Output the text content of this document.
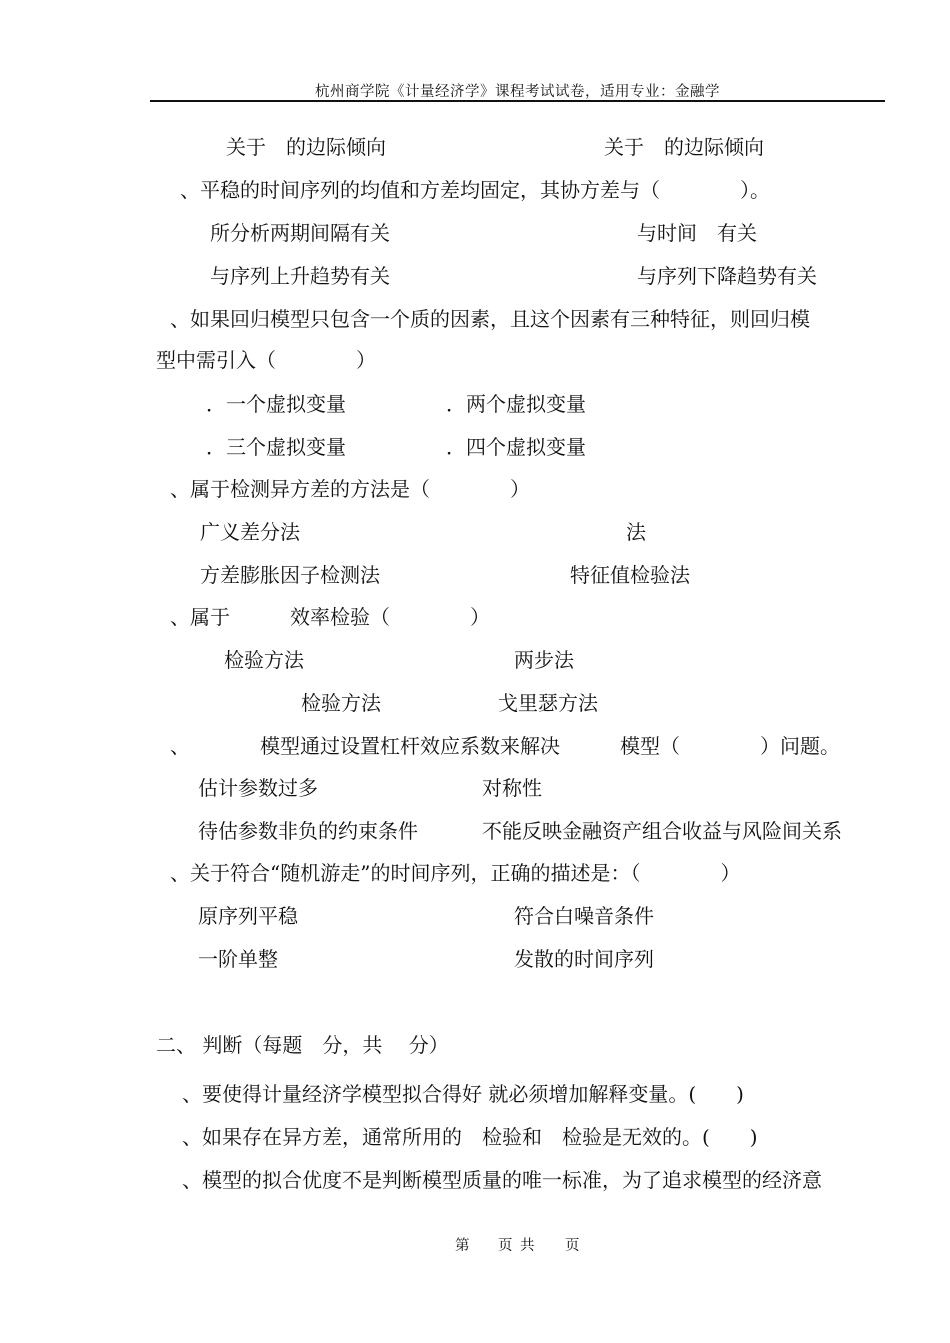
杭州商学院《计量经济学》课程考试试卷，适用专业：金融学
关于　的边际倾向	关于　的边际倾向
、平稳的时间序列的均值和方差均固定，其协方差与（　　　　）。
所分析两期间隔有关	与时间　有关
与序列上升趋势有关	与序列下降趋势有关
、如果回归模型只包含一个质的因素，且这个因素有三种特征，则回归模
型中需引入（　　　　）
．一个虚拟变量	．两个虚拟变量
．三个虚拟变量	．四个虚拟变量
、属于检测异方差的方法是（　　　　）
广义差分法	法
方差膨胀因子检测法	特征值检验法
、属于　　　效率检验（　　　　）
检验方法	两步法
检验方法	戈里瑟方法
、　　　　模型通过设置杠杆效应系数来解决　　　模型（　　　　）问题。
估计参数过多	对称性
待估参数非负的约束条件	不能反映金融资产组合收益与风险间关系
、关于符合“随机游走”的时间序列，正确的描述是：（　　　　）
原序列平稳	符合白噪音条件
一阶单整	发散的时间序列
二、 判断（每题　分，共　 分）
、要使得计量经济学模型拟合得好 就必须增加解释变量。(　　)
、如果存在异方差，通常所用的　检验和　检验是无效的。(　　)
、模型的拟合优度不是判断模型质量的唯一标准，为了追求模型的经济意
第 页 共 页
